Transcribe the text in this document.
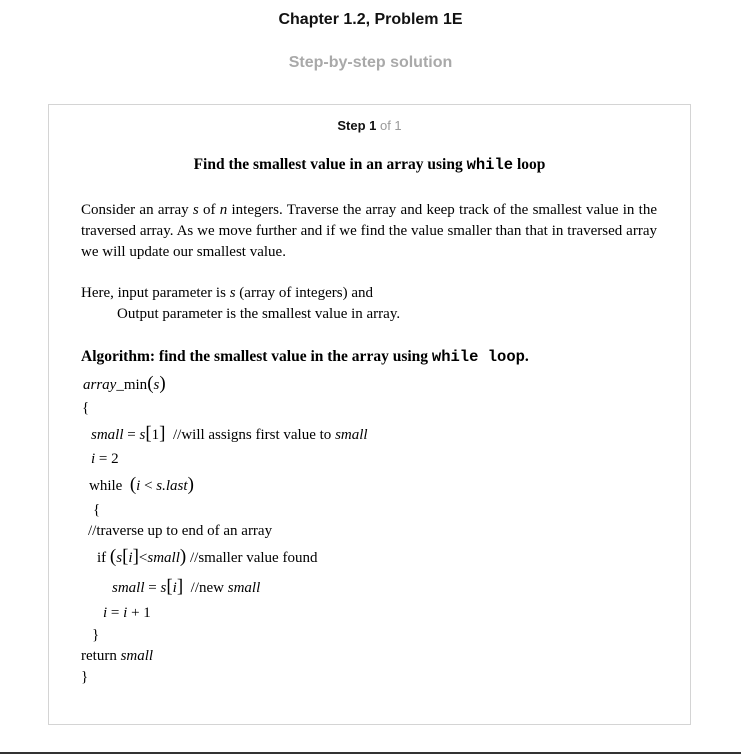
Chapter 1.2, Problem 1E
Step-by-step solution
Step 1 of 1
Find the smallest value in an array using while loop
Consider an array s of n integers. Traverse the array and keep track of the smallest value in the traversed array. As we move further and if we find the value smaller than that in traversed array we will update our smallest value.
Here, input parameter is s (array of integers) and
Output parameter is the smallest value in array.
Algorithm: find the smallest value in the array using while loop.
array_min(s)
{
small = s[1] //will assigns first value to small
i = 2
while (i < s.last)
{
//traverse up to end of an array
if (s[i]<small) //smaller value found
small = s[i] //new small
i = i + 1
}
return small
}
